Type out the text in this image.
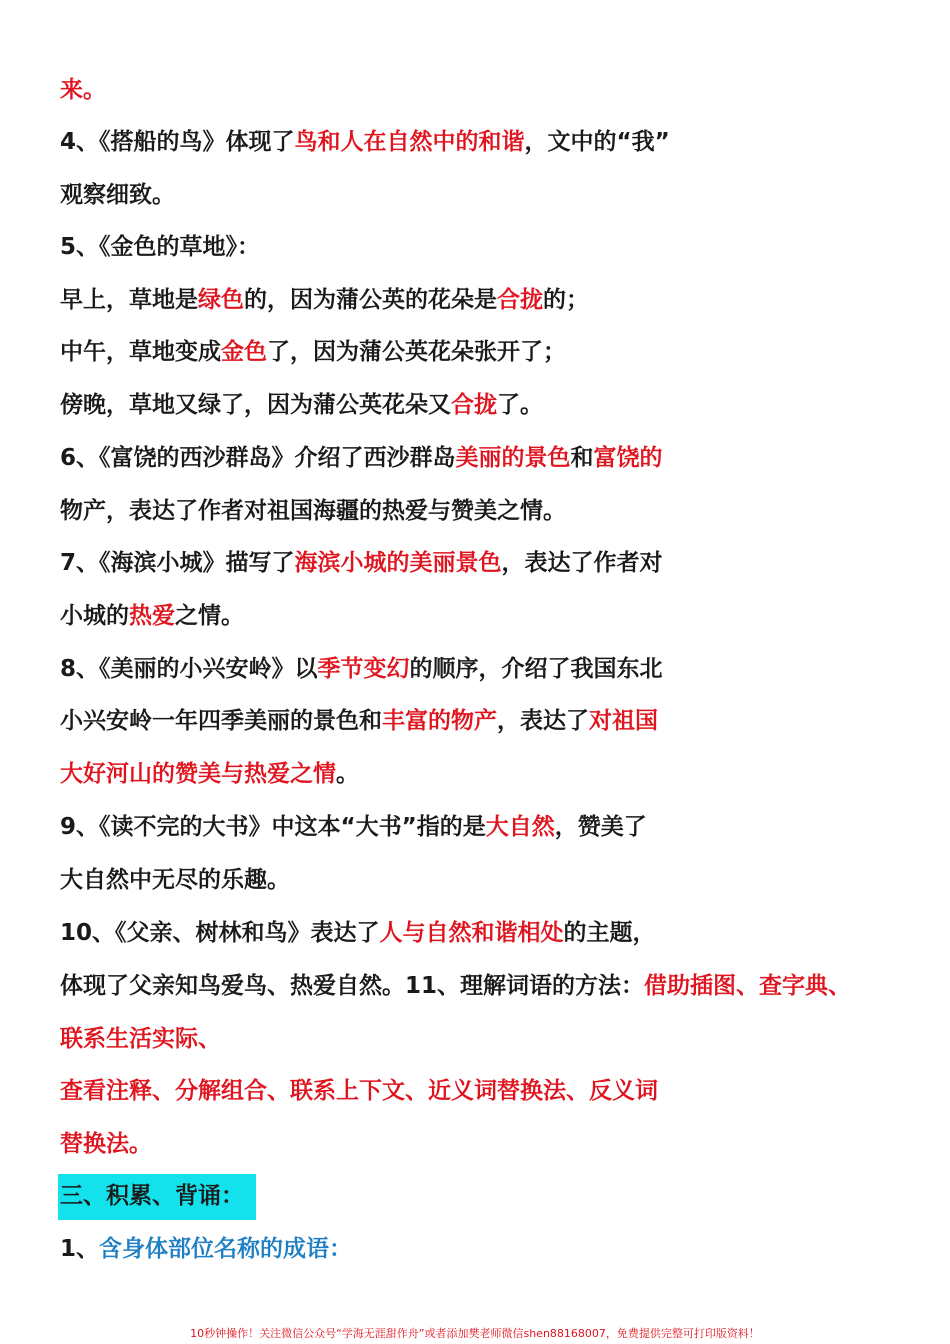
来。
4、《搭船的鸟》体现了鸟和人在自然中的和谐，文中的“我”
观察细致。
5、《金色的草地》：
早上，草地是绿色的，因为蒲公英的花朵是合拢的；
中午，草地变成金色了，因为蒲公英花朵张开了；
傍晚，草地又绿了，因为蒲公英花朵又合拢了。
6、《富饶的西沙群岛》介绍了西沙群岛美丽的景色和富饶的
物产，表达了作者对祖国海疆的热爱与赞美之情。
7、《海滨小城》描写了海滨小城的美丽景色，表达了作者对
小城的热爱之情。
8、《美丽的小兴安岭》以季节变幻的顺序，介绍了我国东北
小兴安岭一年四季美丽的景色和丰富的物产，表达了对祖国
大好河山的赞美与热爱之情。
9、《读不完的大书》中这本“大书”指的是大自然，赞美了
大自然中无尽的乐趣。
10、《父亲、树林和鸟》表达了人与自然和谐相处的主题，
体现了父亲知鸟爱鸟、热爱自然。11、理解词语的方法：借助插图、查字典、
联系生活实际、
查看注释、分解组合、联系上下文、近义词替换法、反义词
替换法。
三、积累、背诵：
1、含身体部位名称的成语：
10秒钟操作！关注微信公众号“学海无涯甜作舟”或者添加樊老师微信shen88168007，免费提供完整可打印版资料！
